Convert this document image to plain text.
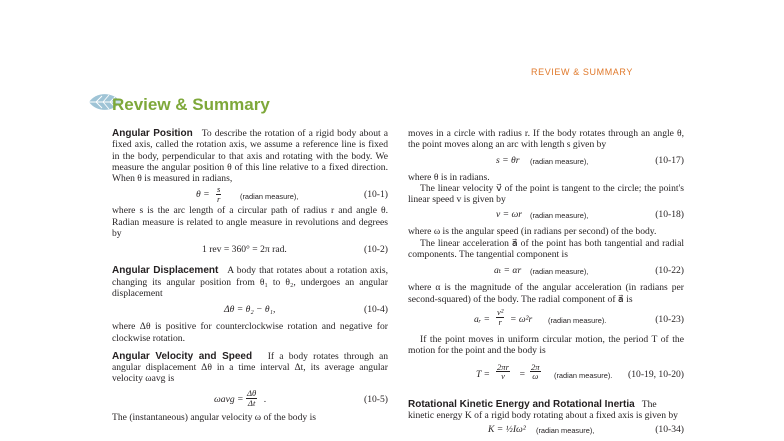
REVIEW & SUMMARY
Review & Summary

Angular Position To describe the rotation of a rigid body about a fixed axis, called the rotation axis, we assume a reference line is fixed in the body, perpendicular to that axis and rotating with the body. We measure the angular position θ of this line relative to a fixed direction. When θ is measured in radians,

$\theta = \frac{s}{r}$	(radian measure),	(10-1)

where s is the arc length of a circular path of radius r and angle θ. Radian measure is related to angle measure in revolutions and degrees by

1 rev = 360° = 2π rad.	(10-2)

Angular Displacement A body that rotates about a rotation axis, changing its angular position from θ₁ to θ₂, undergoes an angular displacement

Δθ = θ₂ − θ₁,	(10-4)

where Δθ is positive for counterclockwise rotation and negative for clockwise rotation.

Angular Velocity and Speed If a body rotates through an angular displacement Δθ in a time interval Δt, its average angular velocity ωavg is

$\omega avg = \frac{\Delta\theta}{\Delta t}$ .	(10-5)

The (instantaneous) angular velocity ω of the body is

moves in a circle with radius r. If the body rotates through an angle θ, the point moves along an arc with length s given by

s = θr (radian measure),	(10-17)

where θ is in radians.

The linear velocity v⃗ of the point is tangent to the circle; the point's linear speed v is given by

v = ωr (radian measure),	(10-18)

where ω is the angular speed (in radians per second) of the body.

The linear acceleration a⃗ of the point has both tangential and radial components. The tangential component is

aₜ = αr (radian measure),	(10-22)

where α is the magnitude of the angular acceleration (in radians per second-squared) of the body. The radial component of a⃗ is

aᵣ = $\frac{\text{v²}}{r} = \omega^2r$ (radian measure).	(10-23)

If the point moves in uniform circular motion, the period T of the motion for the point and the body is

$T = \frac{2\pi r}{v} = \frac{2\pi}{\omega}$ (radian measure). (10-19, 10-20)

Rotational Kinetic Energy and Rotational Inertia The

kinetic energy K of a rigid body rotating about a fixed axis is given by

K = ½Iω² (radian measure),	(10-34)
